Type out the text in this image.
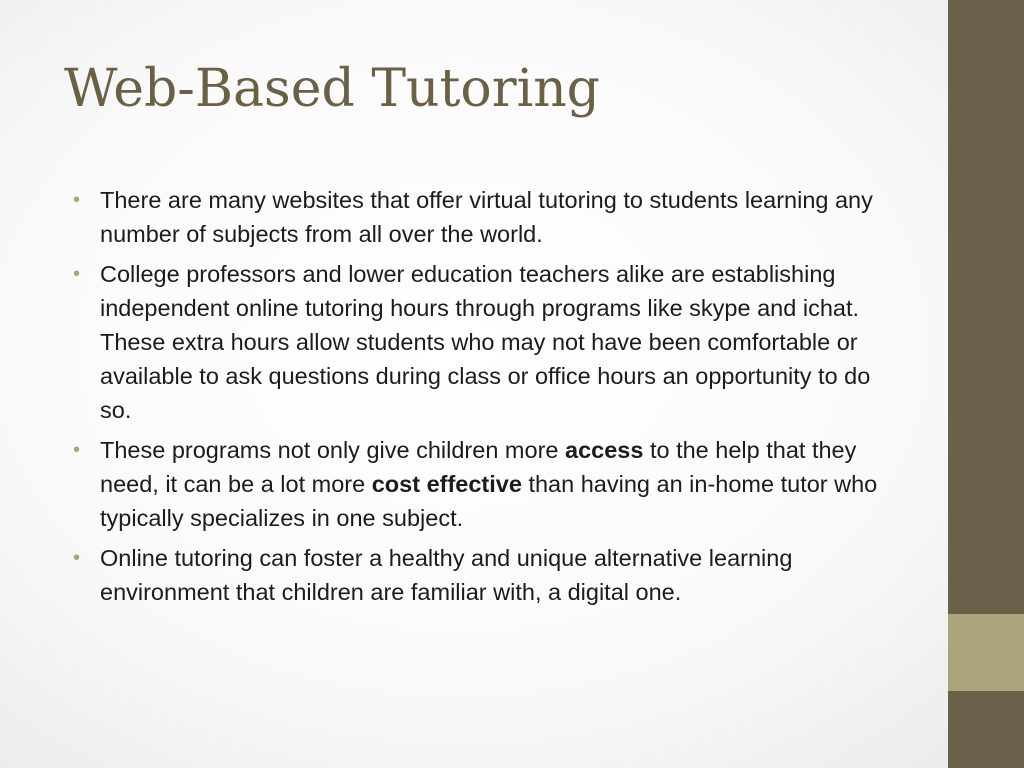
Web-Based Tutoring
• There are many websites that offer virtual tutoring to students learning any number of subjects from all over the world.
• College professors and lower education teachers alike are establishing independent online tutoring hours through programs like skype and ichat. These extra hours allow students who may not have been comfortable or available to ask questions during class or office hours an opportunity to do so.
• These programs not only give children more access to the help that they need, it can be a lot more cost effective than having an in-home tutor who typically specializes in one subject.
• Online tutoring can foster a healthy and unique alternative learning environment that children are familiar with, a digital one.
